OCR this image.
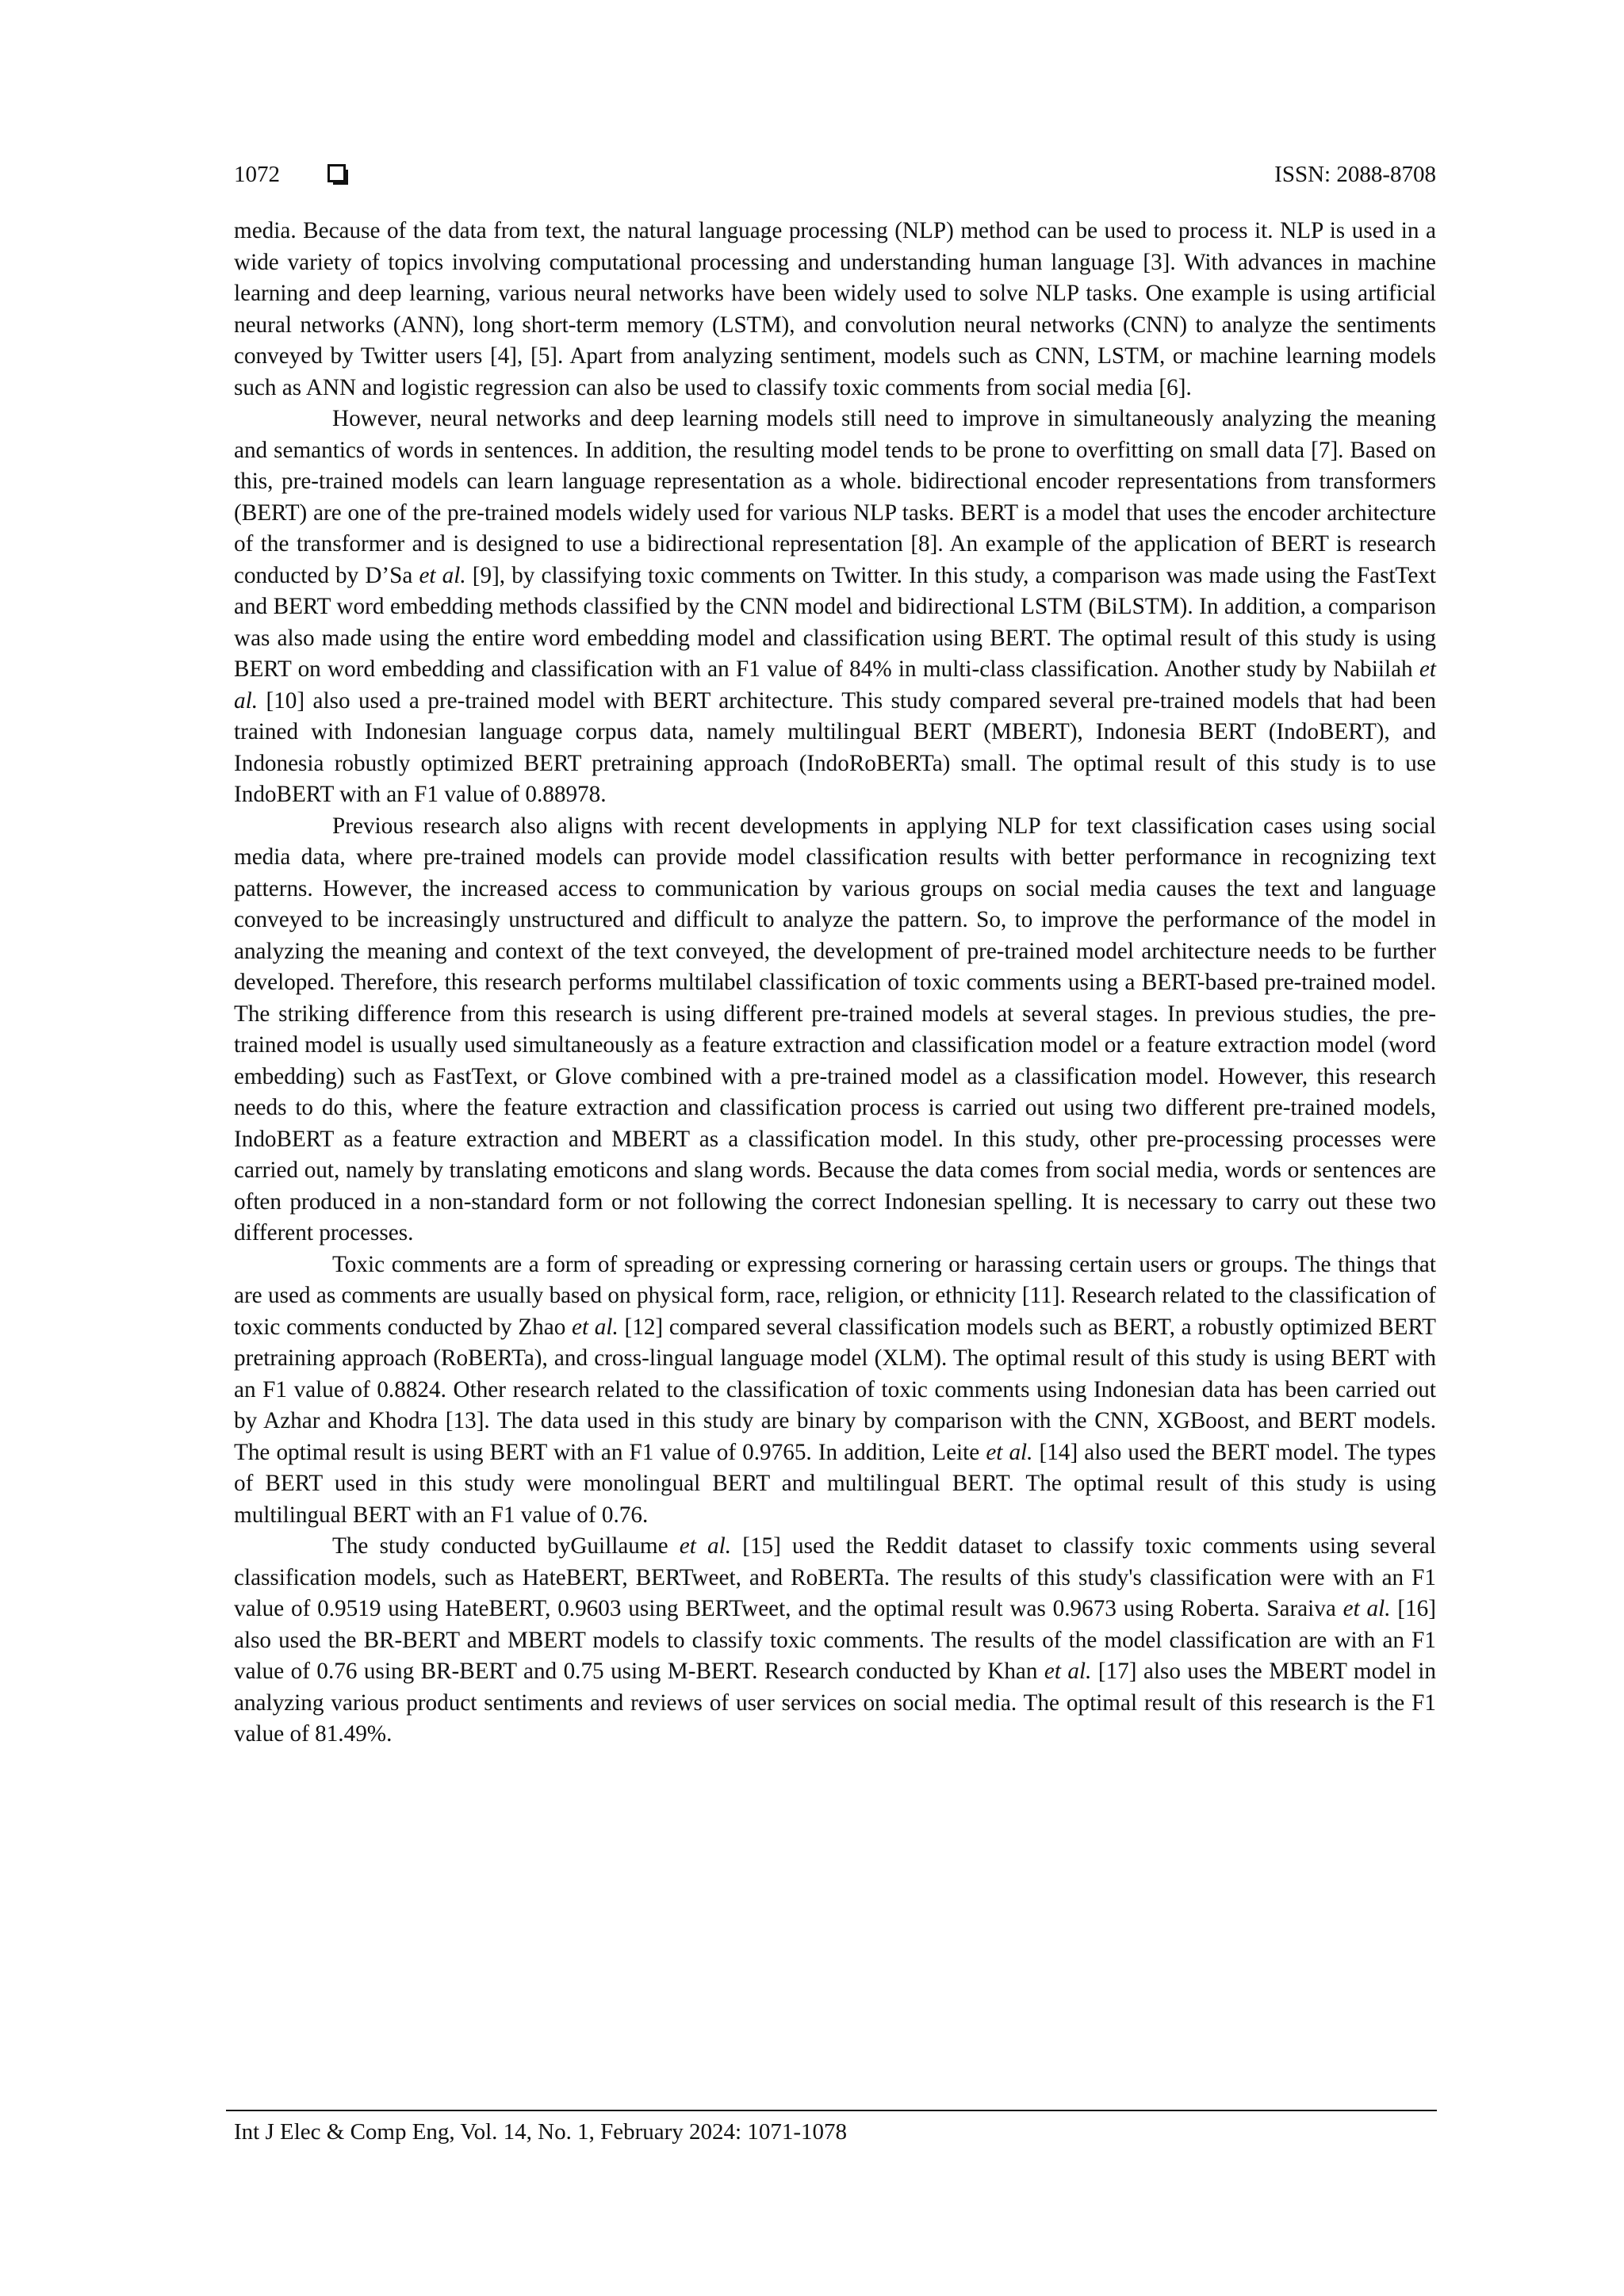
1072	ISSN: 2088-8708

media. Because of the data from text, the natural language processing (NLP) method can be used to process it. NLP is used in a wide variety of topics involving computational processing and understanding human language [3]. With advances in machine learning and deep learning, various neural networks have been widely used to solve NLP tasks. One example is using artificial neural networks (ANN), long short-term memory (LSTM), and convolution neural networks (CNN) to analyze the sentiments conveyed by Twitter users [4], [5]. Apart from analyzing sentiment, models such as CNN, LSTM, or machine learning models such as ANN and logistic regression can also be used to classify toxic comments from social media [6].

However, neural networks and deep learning models still need to improve in simultaneously analyzing the meaning and semantics of words in sentences. In addition, the resulting model tends to be prone to overfitting on small data [7]. Based on this, pre-trained models can learn language representation as a whole. bidirectional encoder representations from transformers (BERT) are one of the pre-trained models widely used for various NLP tasks. BERT is a model that uses the encoder architecture of the transformer and is designed to use a bidirectional representation [8]. An example of the application of BERT is research conducted by D’Sa et al. [9], by classifying toxic comments on Twitter. In this study, a comparison was made using the FastText and BERT word embedding methods classified by the CNN model and bidirectional LSTM (BiLSTM). In addition, a comparison was also made using the entire word embedding model and classification using BERT. The optimal result of this study is using BERT on word embedding and classification with an F1 value of 84% in multi-class classification. Another study by Nabiilah et al. [10] also used a pre-trained model with BERT architecture. This study compared several pre-trained models that had been trained with Indonesian language corpus data, namely multilingual BERT (MBERT), Indonesia BERT (IndoBERT), and Indonesia robustly optimized BERT pretraining approach (IndoRoBERTa) small. The optimal result of this study is to use IndoBERT with an F1 value of 0.88978.

Previous research also aligns with recent developments in applying NLP for text classification cases using social media data, where pre-trained models can provide model classification results with better performance in recognizing text patterns. However, the increased access to communication by various groups on social media causes the text and language conveyed to be increasingly unstructured and difficult to analyze the pattern. So, to improve the performance of the model in analyzing the meaning and context of the text conveyed, the development of pre-trained model architecture needs to be further developed. Therefore, this research performs multilabel classification of toxic comments using a BERT-based pre-trained model. The striking difference from this research is using different pre-trained models at several stages. In previous studies, the pre-trained model is usually used simultaneously as a feature extraction and classification model or a feature extraction model (word embedding) such as FastText, or Glove combined with a pre-trained model as a classification model. However, this research needs to do this, where the feature extraction and classification process is carried out using two different pre-trained models, IndoBERT as a feature extraction and MBERT as a classification model. In this study, other pre-processing processes were carried out, namely by translating emoticons and slang words. Because the data comes from social media, words or sentences are often produced in a non-standard form or not following the correct Indonesian spelling. It is necessary to carry out these two different processes.

Toxic comments are a form of spreading or expressing cornering or harassing certain users or groups. The things that are used as comments are usually based on physical form, race, religion, or ethnicity [11]. Research related to the classification of toxic comments conducted by Zhao et al. [12] compared several classification models such as BERT, a robustly optimized BERT pretraining approach (RoBERTa), and cross-lingual language model (XLM). The optimal result of this study is using BERT with an F1 value of 0.8824. Other research related to the classification of toxic comments using Indonesian data has been carried out by Azhar and Khodra [13]. The data used in this study are binary by comparison with the CNN, XGBoost, and BERT models. The optimal result is using BERT with an F1 value of 0.9765. In addition, Leite et al. [14] also used the BERT model. The types of BERT used in this study were monolingual BERT and multilingual BERT. The optimal result of this study is using multilingual BERT with an F1 value of 0.76.

The study conducted byGuillaume et al. [15] used the Reddit dataset to classify toxic comments using several classification models, such as HateBERT, BERTweet, and RoBERTa. The results of this study's classification were with an F1 value of 0.9519 using HateBERT, 0.9603 using BERTweet, and the optimal result was 0.9673 using Roberta. Saraiva et al. [16] also used the BR-BERT and MBERT models to classify toxic comments. The results of the model classification are with an F1 value of 0.76 using BR-BERT and 0.75 using M-BERT. Research conducted by Khan et al. [17] also uses the MBERT model in analyzing various product sentiments and reviews of user services on social media. The optimal result of this research is the F1 value of 81.49%.

Int J Elec & Comp Eng, Vol. 14, No. 1, February 2024: 1071-1078
